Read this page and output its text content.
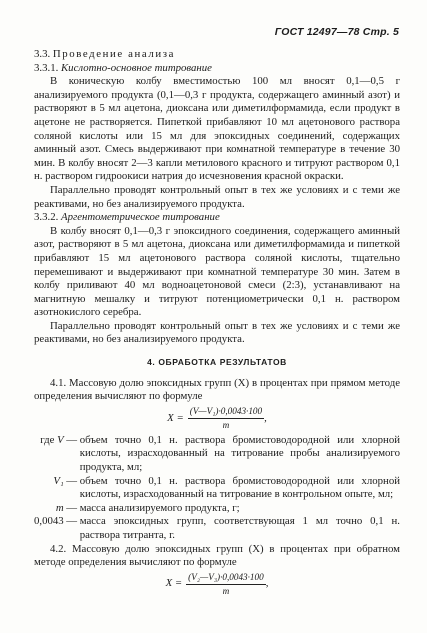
ГОСТ 12497—78 Стр. 5

3.3. Проведение анализа

3.3.1. Кислотно-основное титрование

В коническую колбу вместимостью 100 мл вносят 0,1—0,5 г анализируемого продукта (0,1—0,3 г продукта, содержащего аминный азот) и растворяют в 5 мл ацетона, диоксана или диметилформамида, если продукт в ацетоне не растворяется. Пипеткой прибавляют 10 мл ацетонового раствора соляной кислоты или 15 мл для эпоксидных соединений, содержащих аминный азот. Смесь выдерживают при комнатной температуре в течение 30 мин. В колбу вносят 2—3 капли метилового красного и титруют раствором 0,1 н. раствором гидроокиси натрия до исчезновения красной окраски.

Параллельно проводят контрольный опыт в тех же условиях и с теми же реактивами, но без анализируемого продукта.

3.3.2. Аргентометрическое титрование

В колбу вносят 0,1—0,3 г эпоксидного соединения, содержащего аминный азот, растворяют в 5 мл ацетона, диоксана или диметилформамида и пипеткой прибавляют 15 мл ацетонового раствора соляной кислоты, тщательно перемешивают и выдерживают при комнатной температуре 30 мин. Затем в колбу приливают 40 мл водноацетоновой смеси (2:3), устанавливают на магнитную мешалку и титруют потенциометрически 0,1 н. раствором азотнокислого серебра.

Параллельно проводят контрольный опыт в тех же условиях и с теми же реактивами, но без анализируемого продукта.

4. ОБРАБОТКА РЕЗУЛЬТАТОВ

4.1. Массовую долю эпоксидных групп (X) в процентах при прямом методе определения вычисляют по формуле

$X = \frac{\text{(V—V₁)·0,0043·100}}{m}$ ,
где V — объем точно 0,1 н. раствора бромистоводородной или хлорной кислоты, израсходованный на титрование пробы анализируемого продукта, мл;
V₁ — объем точно 0,1 н. раствора бромистоводородной или хлорной кислоты, израсходованный на титрование в контрольном опыте, мл;
m — масса анализируемого продукта, г;
0,0043 — масса эпоксидных групп, соответствующая 1 мл точно 0,1 н. раствора титранта, г.

4.2. Массовую долю эпоксидных групп (X) в процентах при обратном методе определения вычисляют по формуле

$X = \frac{\text{(V₂—V₃)·0,0043·100}}{m}$ ,
